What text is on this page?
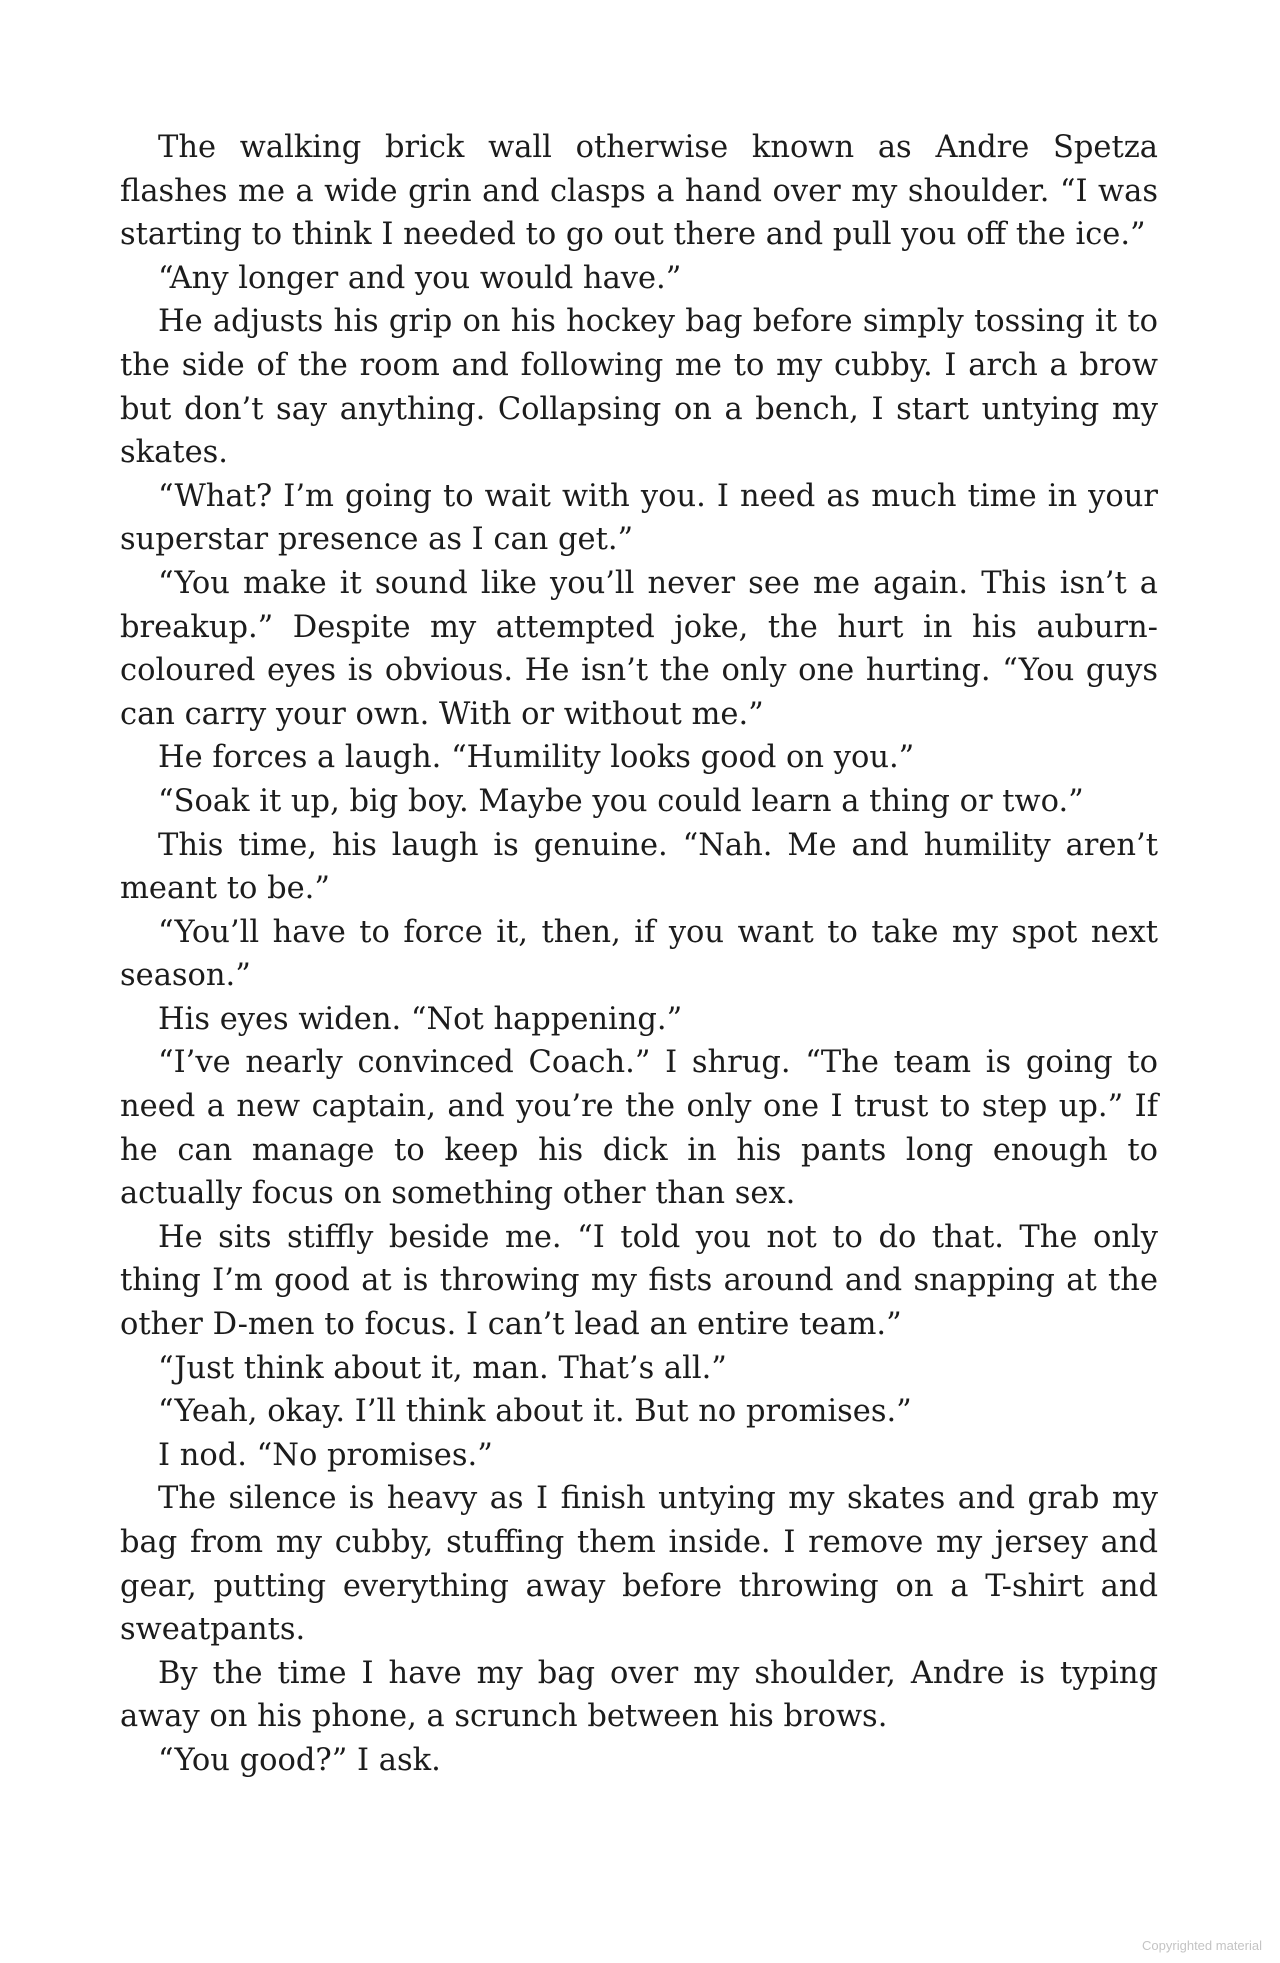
The walking brick wall otherwise known as Andre Spetza flashes me a wide grin and clasps a hand over my shoulder. “I was starting to think I needed to go out there and pull you off the ice.”

“Any longer and you would have.”

He adjusts his grip on his hockey bag before simply tossing it to the side of the room and following me to my cubby. I arch a brow but don’t say anything. Collapsing on a bench, I start untying my skates.

“What? I’m going to wait with you. I need as much time in your superstar presence as I can get.”

“You make it sound like you’ll never see me again. This isn’t a breakup.” Despite my attempted joke, the hurt in his auburn-coloured eyes is obvious. He isn’t the only one hurting. “You guys can carry your own. With or without me.”

He forces a laugh. “Humility looks good on you.”

“Soak it up, big boy. Maybe you could learn a thing or two.”

This time, his laugh is genuine. “Nah. Me and humility aren’t meant to be.”

“You’ll have to force it, then, if you want to take my spot next season.”

His eyes widen. “Not happening.”

“I’ve nearly convinced Coach.” I shrug. “The team is going to need a new captain, and you’re the only one I trust to step up.” If he can manage to keep his dick in his pants long enough to actually focus on something other than sex.

He sits stiffly beside me. “I told you not to do that. The only thing I’m good at is throwing my fists around and snapping at the other D-men to focus. I can’t lead an entire team.”

“Just think about it, man. That’s all.”

“Yeah, okay. I’ll think about it. But no promises.”

I nod. “No promises.”

The silence is heavy as I finish untying my skates and grab my bag from my cubby, stuffing them inside. I remove my jersey and gear, putting everything away before throwing on a T-shirt and sweatpants.

By the time I have my bag over my shoulder, Andre is typing away on his phone, a scrunch between his brows.

“You good?” I ask.

Copyrighted material
